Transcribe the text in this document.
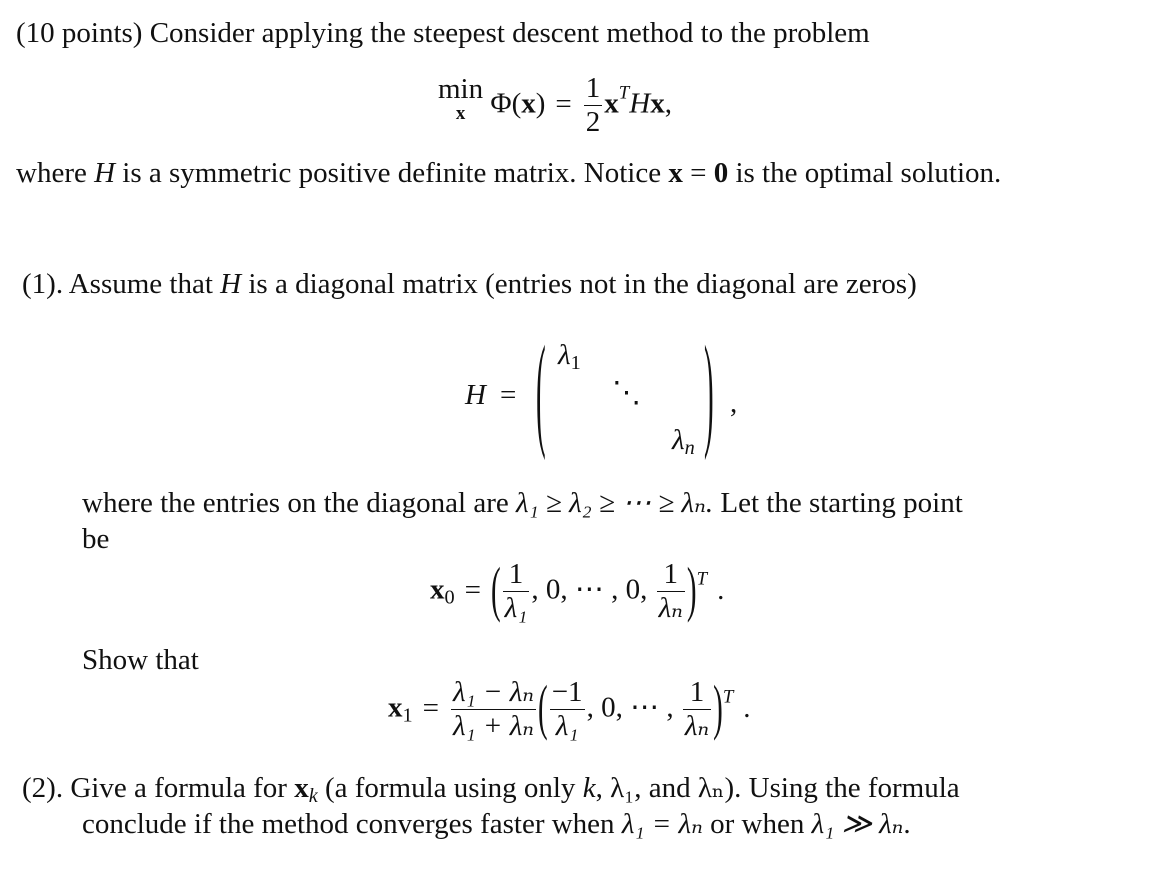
(10 points) Consider applying the steepest descent method to the problem
min
x $\Phi(x) = \frac{1}{2} x^THx$,
where H is a symmetric positive definite matrix. Notice x = 0 is the optimal solution.
(1). Assume that H is a diagonal matrix (entries not in the diagonal are zeros)
H = ( $\lambda_1$
⋱
$\lambda_n$ ) ,
where the entries on the diagonal are λ₁ ≥ λ₂ ≥ ⋯ ≥ λₙ. Let the starting point
be
$x_0$ = ( $\frac{1}{\text{λ₁}}$ , 0, ⋯ , 0, $\frac{1}{\text{λₙ}} )^T$ .
Show that
$x_1 = \frac{\text{λ₁ − λₙ}}{\text{λ₁ + λₙ}}$ ( $\frac{-1}{\text{λ₁}}$ , 0, ⋯ , $\frac{1}{\text{λₙ}} )^T$ .
(2). Give a formula for $x_k$ (a formula using only k, λ₁, and λₙ). Using the formula
conclude if the method converges faster when λ₁ = λₙ or when λ₁ ≫ λₙ.
